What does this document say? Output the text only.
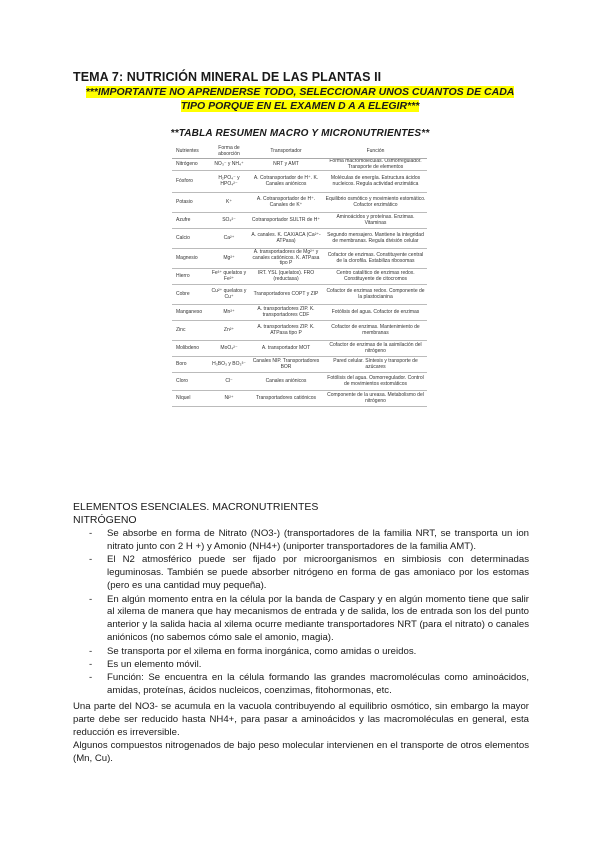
TEMA 7: NUTRICIÓN MINERAL DE LAS PLANTAS II
***IMPORTANTE NO APRENDERSE TODO, SELECCIONAR UNOS CUANTOS DE CADA TIPO PORQUE EN EL EXAMEN D A A ELEGIR***
**TABLA RESUMEN MACRO Y MICRONUTRIENTES**
Nutrientes	Forma de absorción	Transportador	Función
Nitrógeno	NO₃⁻ y NH₄⁺	NRT y AMT	Forma macromoléculas. Osmorregulador. Transporte de elementos
Fósforo	H₂PO₄⁻ y HPO₄²⁻	A. Cotransportador de H⁺. K. Canales aniónicos	Moléculas de energía. Estructura ácidos nucleicos. Regula actividad enzimática
Potasio	K⁺	A. Cotransportador de H⁺. Canales de K⁺	Equilibrio osmótico y movimiento estomático. Cofactor enzimático
Azufre	SO₄²⁻	Cotransportador SULTR de H⁺	Aminoácidos y proteínas. Enzimas. Vitaminas
Calcio	Ca²⁺	A. canales. K. CAX/ACA (Ca²⁺-ATPasa)	Segundo mensajero. Mantiene la integridad de membranas. Regula división celular
Magnesio	Mg²⁺	A. transportadores de Mg²⁺ y canales catiónicos. K. ATPasa tipo P	Cofactor de enzimas. Constituyente central de la clorofila. Estabiliza ribosomas
Hierro	Fe³⁺ quelatos y Fe²⁺	IRT. YSL (quelatos). FRO (reductasa)	Centro catalítico de enzimas redox. Constituyente de citocromos
Cobre	Cu²⁺ quelatos y Cu⁺	Transportadores COPT y ZIP	Cofactor de enzimas redox. Componente de la plastocianina
Manganeso	Mn²⁺	A. transportadores ZIP. K. transportadores CDF	Fotólisis del agua. Cofactor de enzimas
Zinc	Zn²⁺	A. transportadores ZIP. K. ATPasa tipo P	Cofactor de enzimas. Mantenimiento de membranas
Molibdeno	MoO₄²⁻	A. transportador MOT	Cofactor de enzimas de la asimilación del nitrógeno
Boro	H₃BO₃ y BO₃³⁻	Canales NIP. Transportadores BOR	Pared celular. Síntesis y transporte de azúcares
Cloro	Cl⁻	Canales aniónicos	Fotólisis del agua. Osmorregulador. Control de movimientos estomáticos
Níquel	Ni²⁺	Transportadores catiónicos	Componente de la ureasa. Metabolismo del nitrógeno
ELEMENTOS ESENCIALES. MACRONUTRIENTES
NITRÓGENO
- Se absorbe en forma de Nitrato (NO3-) (transportadores de la familia NRT, se transporta un ion nitrato junto con 2 H +) y Amonio (NH4+) (uniporter transportadores de la familia AMT).
- El N2 atmosférico puede ser fijado por microorganismos en simbiosis con determinadas leguminosas. También se puede absorber nitrógeno en forma de gas amoniaco por los estomas (pero es una cantidad muy pequeña).
- En algún momento entra en la célula por la banda de Caspary y en algún momento tiene que salir al xilema de manera que hay mecanismos de entrada y de salida, los de entrada son los del punto anterior y la salida hacia al xilema ocurre mediante transportadores NRT (para el nitrato) o canales aniónicos (no sabemos cómo sale el amonio, magia).
- Se transporta por el xilema en forma inorgánica, como amidas o ureidos.
- Es un elemento móvil.
- Función: Se encuentra en la célula formando las grandes macromoléculas como aminoácidos, amidas, proteínas, ácidos nucleicos, coenzimas, fitohormonas, etc.

Una parte del NO3- se acumula en la vacuola contribuyendo al equilibrio osmótico, sin embargo la mayor parte debe ser reducido hasta NH4+, para pasar a aminoácidos y las macromoléculas en general, esta reducción es irreversible.

Algunos compuestos nitrogenados de bajo peso molecular intervienen en el transporte de otros elementos (Mn, Cu).
